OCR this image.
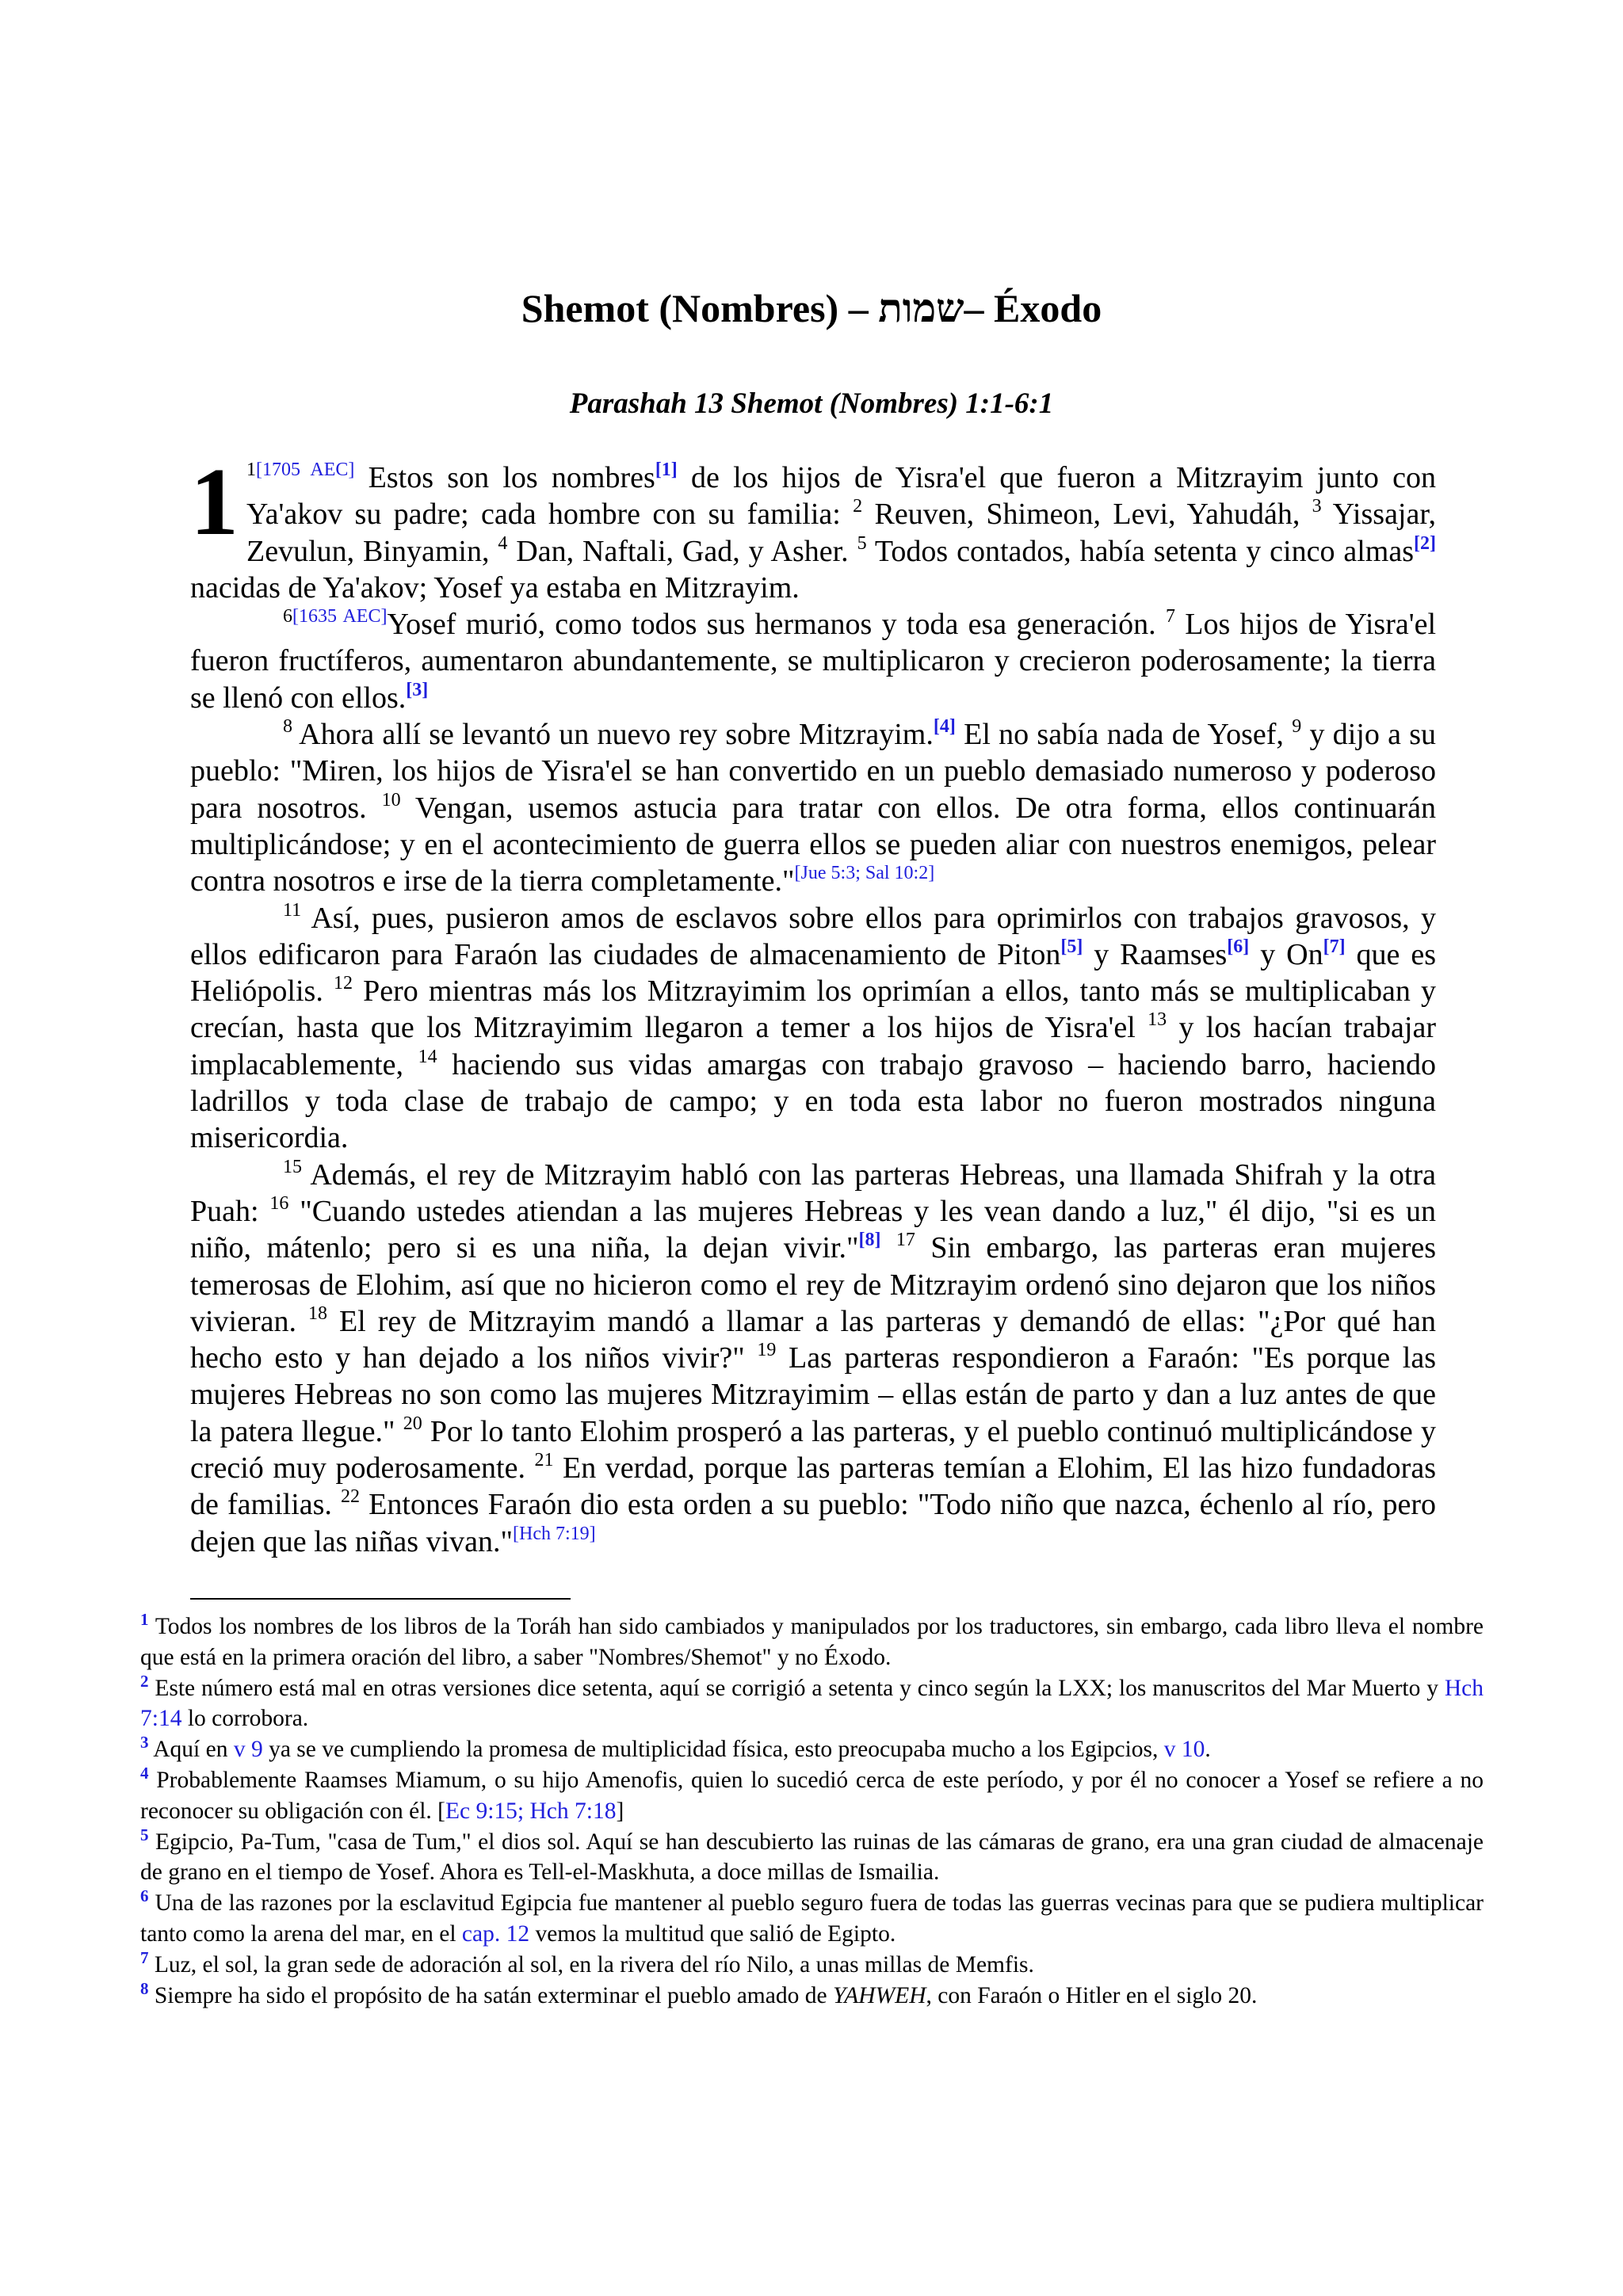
Shemot (Nombres) – שמות– Éxodo
Parashah 13 Shemot (Nombres) 1:1-6:1
1 $^{1[1705 AEC]}$ Estos son los nombres[1] de los hijos de Yisra'el que fueron a Mitzrayim junto con Ya'akov su padre; cada hombre con su familia: $^2$ Reuven, Shimeon, Levi, Yahudáh, $^3$ Yissajar, Zevulun, Binyamin, $^4$ Dan, Naftali, Gad, y Asher. $^5$ Todos contados, había setenta y cinco almas[2] nacidas de Ya'akov; Yosef ya estaba en Mitzrayim.

$^{6[1635 AEC]}$Yosef murió, como todos sus hermanos y toda esa generación. $^7$ Los hijos de Yisra'el fueron fructíferos, aumentaron abundantemente, se multiplicaron y crecieron poderosamente; la tierra se llenó con ellos.[3]

$^8$ Ahora allí se levantó un nuevo rey sobre Mitzrayim.[4] El no sabía nada de Yosef, $^9$ y dijo a su pueblo: "Miren, los hijos de Yisra'el se han convertido en un pueblo demasiado numeroso y poderoso para nosotros. $^{10}$ Vengan, usemos astucia para tratar con ellos. De otra forma, ellos continuarán multiplicándose; y en el acontecimiento de guerra ellos se pueden aliar con nuestros enemigos, pelear contra nosotros e irse de la tierra completamente."[Jue 5:3; Sal 10:2]

$^{11}$ Así, pues, pusieron amos de esclavos sobre ellos para oprimirlos con trabajos gravosos, y ellos edificaron para Faraón las ciudades de almacenamiento de Piton[5] y Raamses[6] y On[7] que es Heliópolis. $^{12}$ Pero mientras más los Mitzrayimim los oprimían a ellos, tanto más se multiplicaban y crecían, hasta que los Mitzrayimim llegaron a temer a los hijos de Yisra'el $^{13}$ y los hacían trabajar implacablemente, $^{14}$ haciendo sus vidas amargas con trabajo gravoso – haciendo barro, haciendo ladrillos y toda clase de trabajo de campo; y en toda esta labor no fueron mostrados ninguna misericordia.

$^{15}$ Además, el rey de Mitzrayim habló con las parteras Hebreas, una llamada Shifrah y la otra Puah: $^{16}$ "Cuando ustedes atiendan a las mujeres Hebreas y les vean dando a luz," él dijo, "si es un niño, mátenlo; pero si es una niña, la dejan vivir."[8] $^{17}$ Sin embargo, las parteras eran mujeres temerosas de Elohim, así que no hicieron como el rey de Mitzrayim ordenó sino dejaron que los niños vivieran. $^{18}$ El rey de Mitzrayim mandó a llamar a las parteras y demandó de ellas: "¿Por qué han hecho esto y han dejado a los niños vivir?" $^{19}$ Las parteras respondieron a Faraón: "Es porque las mujeres Hebreas no son como las mujeres Mitzrayimim – ellas están de parto y dan a luz antes de que la patera llegue." $^{20}$ Por lo tanto Elohim prosperó a las parteras, y el pueblo continuó multiplicándose y creció muy poderosamente. $^{21}$ En verdad, porque las parteras temían a Elohim, El las hizo fundadoras de familias. $^{22}$ Entonces Faraón dio esta orden a su pueblo: "Todo niño que nazca, échenlo al río, pero dejen que las niñas vivan."[Hch 7:19]

$^1$ Todos los nombres de los libros de la Toráh han sido cambiados y manipulados por los traductores, sin embargo, cada libro lleva el nombre que está en la primera oración del libro, a saber "Nombres/Shemot" y no Éxodo.

$^2$ Este número está mal en otras versiones dice setenta, aquí se corrigió a setenta y cinco según la LXX; los manuscritos del Mar Muerto y Hch 7:14 lo corrobora.

$^3$ Aquí en v 9 ya se ve cumpliendo la promesa de multiplicidad física, esto preocupaba mucho a los Egipcios, v 10.

$^4$ Probablemente Raamses Miamum, o su hijo Amenofis, quien lo sucedió cerca de este período, y por él no conocer a Yosef se refiere a no reconocer su obligación con él. [Ec 9:15; Hch 7:18]

$^5$ Egipcio, Pa-Tum, "casa de Tum," el dios sol. Aquí se han descubierto las ruinas de las cámaras de grano, era una gran ciudad de almacenaje de grano en el tiempo de Yosef. Ahora es Tell-el-Maskhuta, a doce millas de Ismailia.

$^6$ Una de las razones por la esclavitud Egipcia fue mantener al pueblo seguro fuera de todas las guerras vecinas para que se pudiera multiplicar tanto como la arena del mar, en el cap. 12 vemos la multitud que salió de Egipto.

$^7$ Luz, el sol, la gran sede de adoración al sol, en la rivera del río Nilo, a unas millas de Memfis.

$^8$ Siempre ha sido el propósito de ha satán exterminar el pueblo amado de YAHWEH, con Faraón o Hitler en el siglo 20.
